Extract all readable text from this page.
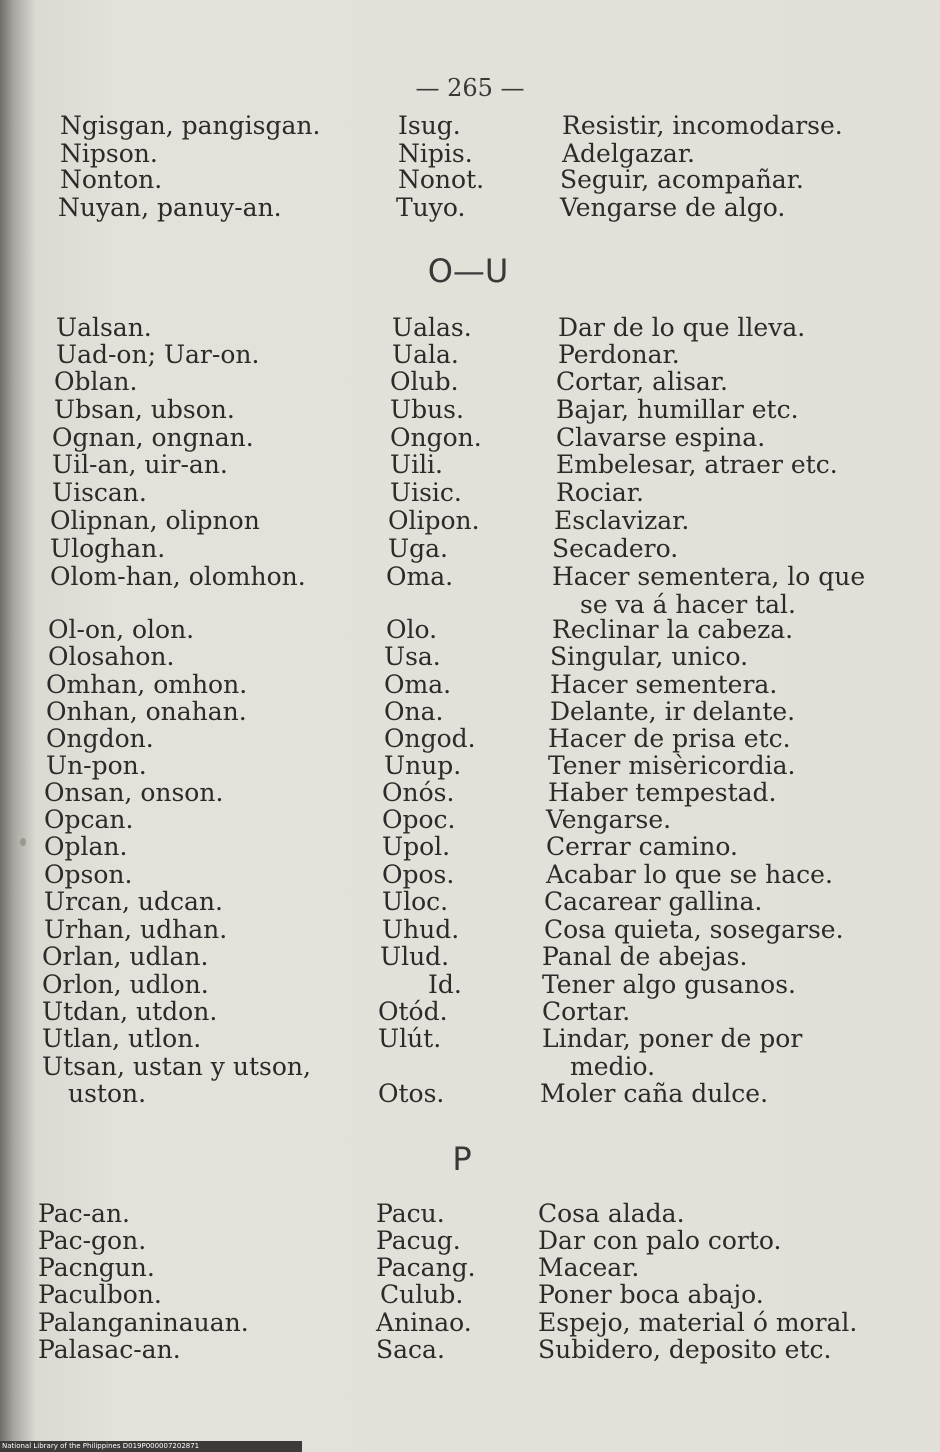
— 265 —
Ngisgan, pangisgan.	Isug.	Resistir, incomodarse.
Nipson.	Nipis.	Adelgazar.
Nonton.	Nonot.	Seguir, acompañar.
Nuyan, panuy-an.	Tuyo.	Vengarse de algo.
O—U
Ualsan.	Ualas.	Dar de lo que lleva.
Uad-on; Uar-on.	Uala.	Perdonar.
Oblan.	Olub.	Cortar, alisar.
Ubsan, ubson.	Ubus.	Bajar, humillar etc.
Ognan, ongnan.	Ongon.	Clavarse espina.
Uil-an, uir-an.	Uili.	Embelesar, atraer etc.
Uiscan.	Uisic.	Rociar.
Olipnan, olipnon	Olipon.	Esclavizar.
Uloghan.	Uga.	Secadero.
Olom-han, olomhon.	Oma.	Hacer sementera, lo que
se va á hacer tal.
Ol-on, olon.	Olo.	Reclinar la cabeza.
Olosahon.	Usa.	Singular, unico.
Omhan, omhon.	Oma.	Hacer sementera.
Onhan, onahan.	Ona.	Delante, ir delante.
Ongdon.	Ongod.	Hacer de prisa etc.
Un-pon.	Unup.	Tener misèricordia.
Onsan, onson.	Onós.	Haber tempestad.
Opcan.	Opoc.	Vengarse.
Oplan.	Upol.	Cerrar camino.
Opson.	Opos.	Acabar lo que se hace.
Urcan, udcan.	Uloc.	Cacarear gallina.
Urhan, udhan.	Uhud.	Cosa quieta, sosegarse.
Orlan, udlan.	Ulud.	Panal de abejas.
Orlon, udlon.	Id.	Tener algo gusanos.
Utdan, utdon.	Otód.	Cortar.
Utlan, utlon.	Ulút.	Lindar, poner de por
medio.
Utsan, ustan y utson,
uston.	Otos.	Moler caña dulce.
P
Pac-an.	Pacu.	Cosa alada.
Pac-gon.	Pacug.	Dar con palo corto.
Pacngun.	Pacang. Macear.
Paculbon.	Culub.	Poner boca abajo.
Palanganinauan.	Aninao.	Espejo, material ó moral.
Palasac-an.	Saca.	Subidero, deposito etc.
National Library of the Philippines D019P000007202871
